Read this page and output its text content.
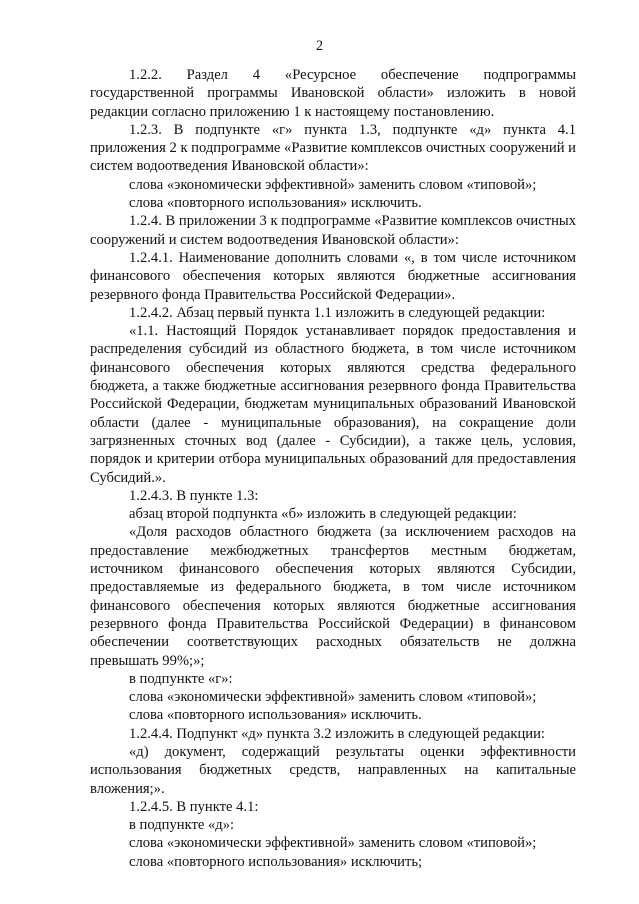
2

1.2.2. Раздел 4 «Ресурсное обеспечение подпрограммы государственной программы Ивановской области» изложить в новой редакции согласно приложению 1 к настоящему постановлению.

1.2.3. В подпункте «г» пункта 1.3, подпункте «д» пункта 4.1 приложения 2 к подпрограмме «Развитие комплексов очистных сооружений и систем водоотведения Ивановской области»:

слова «экономически эффективной» заменить словом «типовой»;

слова «повторного использования» исключить.

1.2.4. В приложении 3 к подпрограмме «Развитие комплексов очистных сооружений и систем водоотведения Ивановской области»:

1.2.4.1. Наименование дополнить словами «, в том числе источником финансового обеспечения которых являются бюджетные ассигнования резервного фонда Правительства Российской Федерации».

1.2.4.2. Абзац первый пункта 1.1 изложить в следующей редакции:

«1.1. Настоящий Порядок устанавливает порядок предоставления и распределения субсидий из областного бюджета, в том числе источником финансового обеспечения которых являются средства федерального бюджета, а также бюджетные ассигнования резервного фонда Правительства Российской Федерации, бюджетам муниципальных образований Ивановской области (далее - муниципальные образования), на сокращение доли загрязненных сточных вод (далее - Субсидии), а также цель, условия, порядок и критерии отбора муниципальных образований для предоставления Субсидий.».

1.2.4.3. В пункте 1.3:

абзац второй подпункта «б» изложить в следующей редакции:

«Доля расходов областного бюджета (за исключением расходов на предоставление межбюджетных трансфертов местным бюджетам, источником финансового обеспечения которых являются Субсидии, предоставляемые из федерального бюджета, в том числе источником финансового обеспечения которых являются бюджетные ассигнования резервного фонда Правительства Российской Федерации) в финансовом обеспечении соответствующих расходных обязательств не должна превышать 99%;»;

в подпункте «г»:

слова «экономически эффективной» заменить словом «типовой»;

слова «повторного использования» исключить.

1.2.4.4. Подпункт «д» пункта 3.2 изложить в следующей редакции:

«д) документ, содержащий результаты оценки эффективности использования бюджетных средств, направленных на капитальные вложения;».

1.2.4.5. В пункте 4.1:

в подпункте «д»:

слова «экономически эффективной» заменить словом «типовой»;

слова «повторного использования» исключить;
